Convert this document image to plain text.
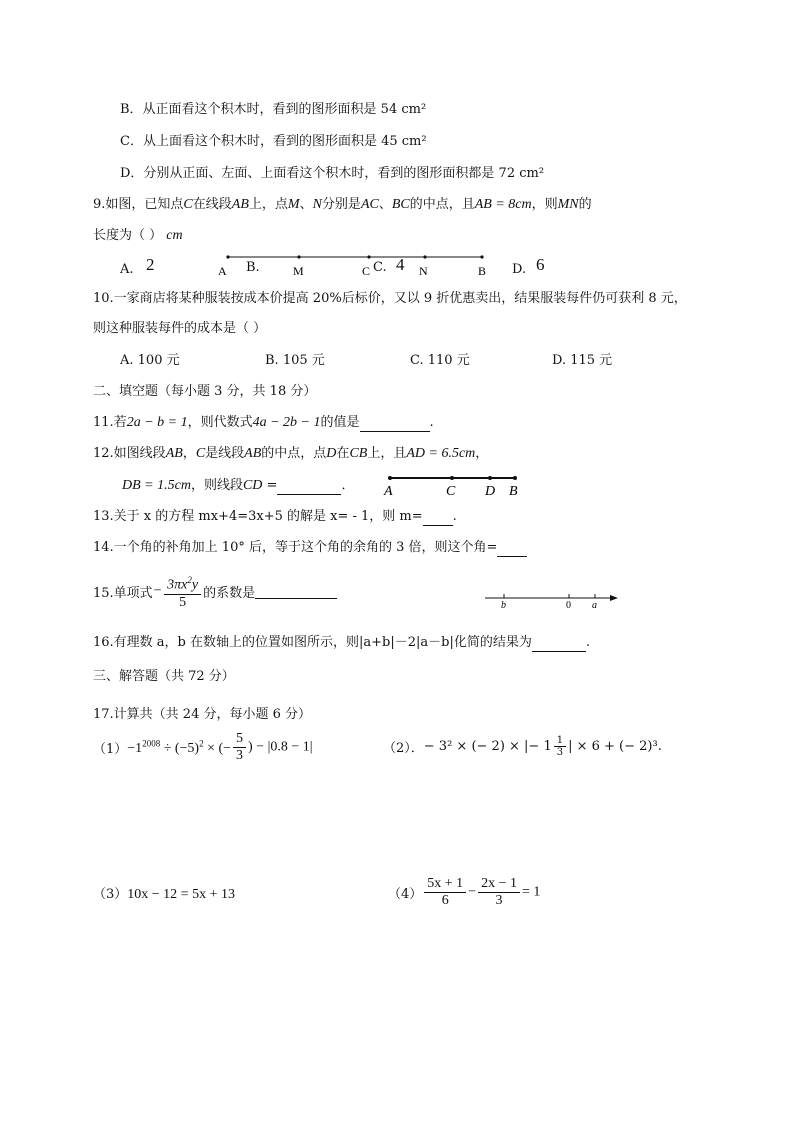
B．从正面看这个积木时，看到的图形面积是 54 cm²
C．从上面看这个积木时，看到的图形面积是 45 cm²
D．分别从正面、左面、上面看这个积木时，看到的图形面积都是 72 cm²
9.如图，已知点C在线段AB上，点M、N分别是AC、BC的中点，且AB = 8cm，则MN的
长度为（ ） cm
A. 2	B.	C. 4	D. 6
A	M	C	N	B
10.一家商店将某种服装按成本价提高 20%后标价，又以 9 折优惠卖出，结果服装每件仍可获利 8 元，
则这种服装每件的成本是（ ）
A. 100 元	B. 105 元	C. 110 元	D. 115 元
二、填空题（每小题 3 分，共 18 分）
11.若2a − b = 1，则代数式4a − 2b − 1的值是	.
12.如图线段AB，C是线段AB的中点，点D在CB上，且AD = 6.5cm，
DB = 1.5cm，则线段CD =	． A	C D B
13.关于 x 的方程 mx+4=3x+5 的解是 x= - 1，则 m= .
14.一个角的补角加上 10° 后，等于这个角的余角的 3 倍，则这个角=
15.单项式− $\frac{3\pi x^2y}{5}$ 的系数是
b	0 a
16.有理数 a，b 在数轴上的位置如图所示，则|a+b|－2|a－b|化简的结果为	.
三、解答题（共 72 分）
17.计算共（共 24 分，每小题 6 分）
$(1)-1^{2008} \div (-5)^2$ × (− $\frac{5}{3}$ ) − |0.8 − 1|	（2）．− 3² × (− 2) × |− $1 \frac{1}{3}$ | × 6 + (− 2)³.
（3）10x − 12 = 5x + 13	$(4) \frac{5x + 1}{6} - \frac{2x - 1}{3} = 1$
